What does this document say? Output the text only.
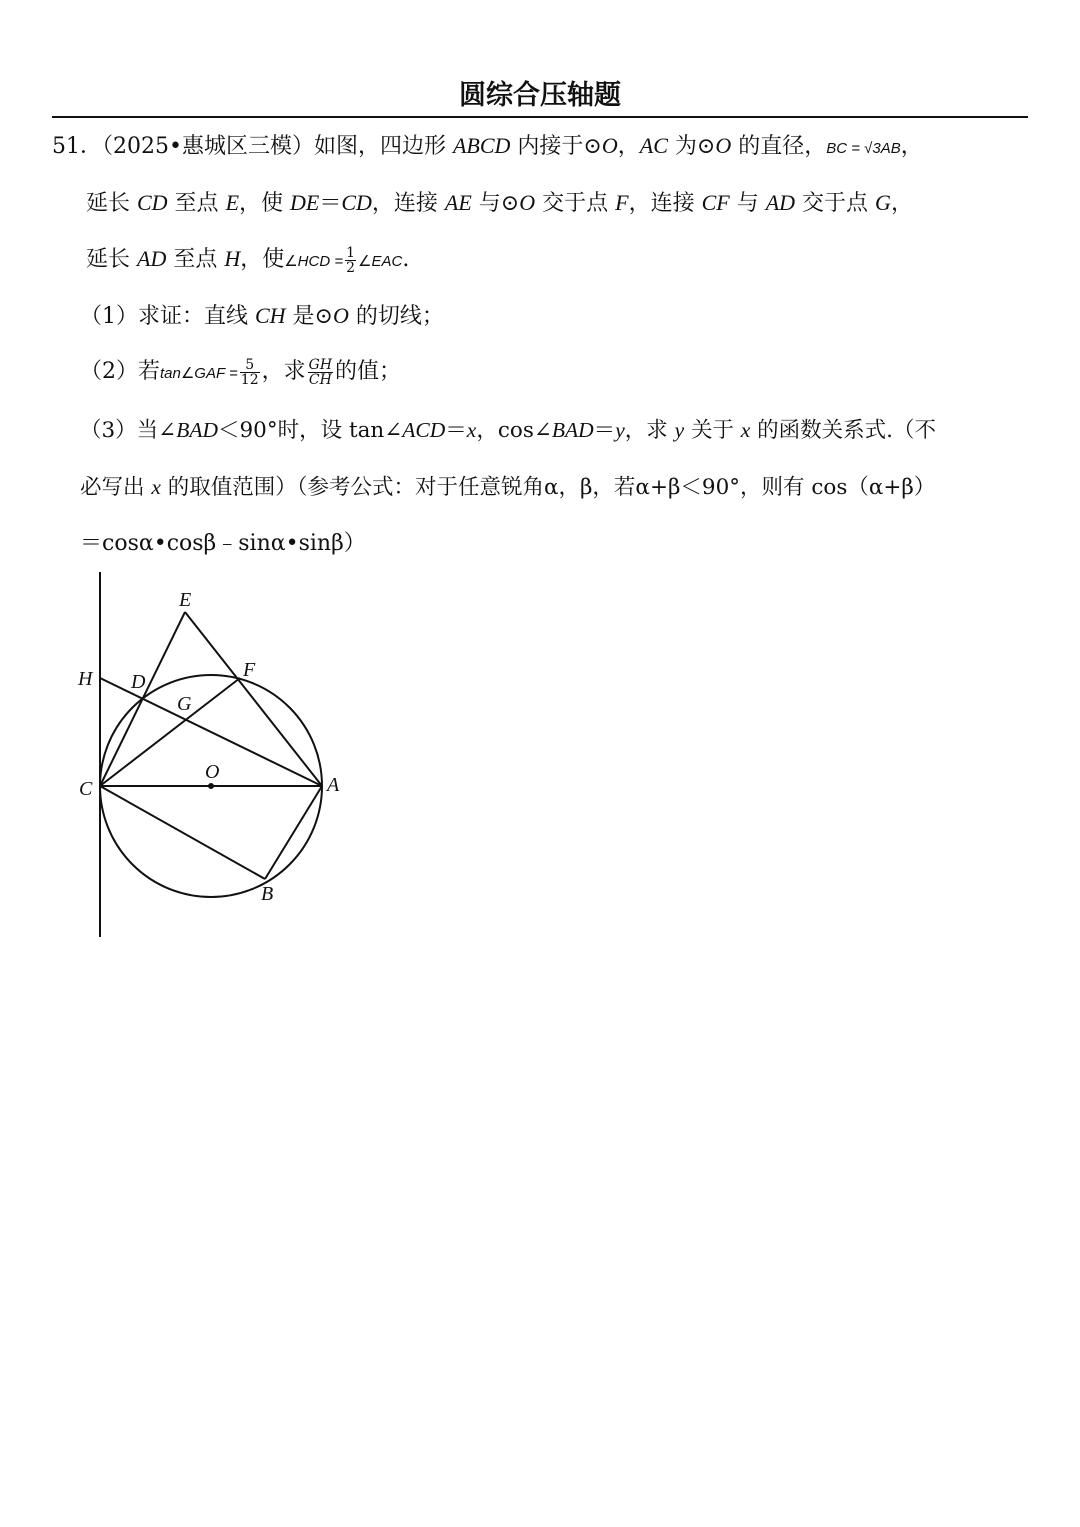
圆综合压轴题
51．（2025•惠城区三模）如图，四边形 ABCD 内接于⊙O，AC 为⊙O 的直径，BC = √3AB，
延长 CD 至点 E，使 DE＝CD，连接 AE 与⊙O 交于点 F，连接 CF 与 AD 交于点 G，
延长 AD 至点 H，使∠HCD = $\frac{1}{2}$ ∠EAC.
（1）求证：直线 CH 是⊙O 的切线；
（2）若tan∠GAF = $\frac{5}{12}$ ，求 $\frac{GH}{CH}$ 的值；
（3）当∠BAD＜90°时，设 tan∠ACD＝x，cos∠BAD＝y，求 y 关于 x 的函数关系式.（不
必写出 x 的取值范围）（参考公式：对于任意锐角α，β，若α+β＜90°，则有 cos（α+β）
＝cosα•cosβ﹣sinα•sinβ）
E
F
H D
G
O
C	A
B
